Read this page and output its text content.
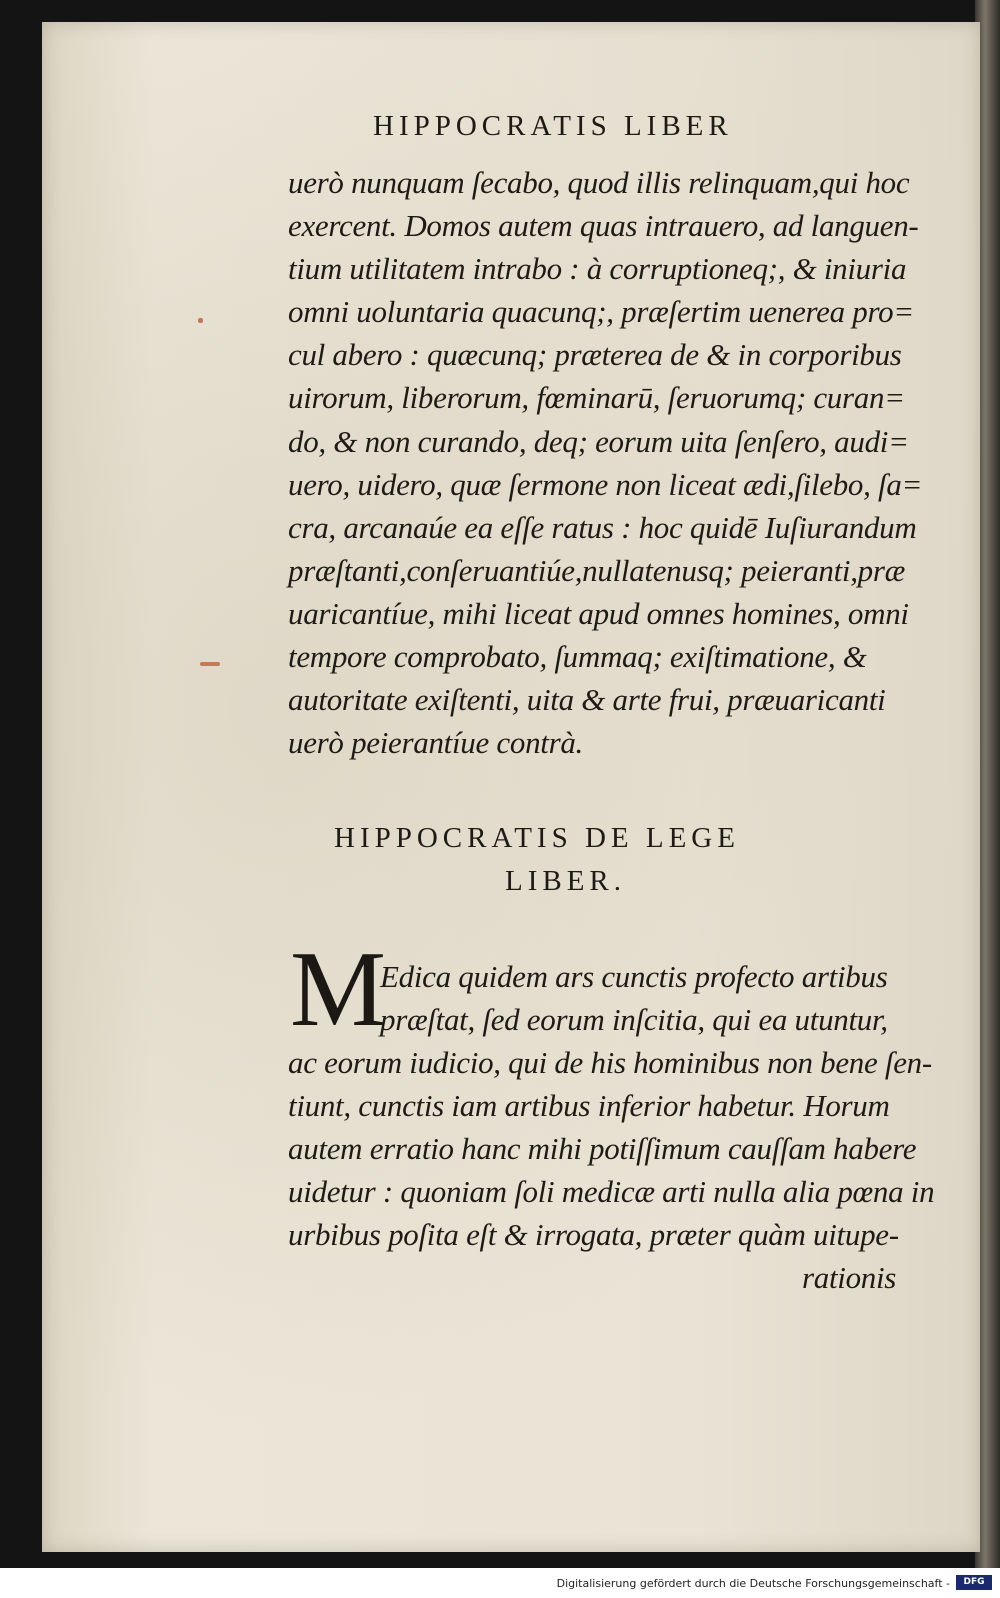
HIPPOCRATIS LIBER
uerò nunquam ſecabo, quod illis relinquam,qui hoc
exercent. Domos autem quas intrauero, ad languen-
tium utilitatem intrabo : à corruptioneq;, & iniuria
omni uoluntaria quacunq;, præſertim uenerea pro=
cul abero : quæcunq; præterea de & in corporibus
uirorum, liberorum, fœminarū, ſeruorumq; curan=
do, & non curando, deq; eorum uita ſenſero, audi=
uero, uidero, quæ ſermone non liceat ædi,ſilebo, ſa=
cra, arcanaúe ea eſſe ratus : hoc quidē Iuſiurandum
præſtanti,conſeruantiúe,nullatenusq; peieranti,præ
uaricantíue, mihi liceat apud omnes homines, omni
tempore comprobato, ſummaq; exiſtimatione, &
autoritate exiſtenti, uita & arte frui, præuaricanti
uerò peierantíue contrà.
HIPPOCRATIS DE LEGE
LIBER.
M
Edica quidem ars cunctis profecto artibus
præſtat, ſed eorum inſcitia, qui ea utuntur,
ac eorum iudicio, qui de his hominibus non bene ſen-
tiunt, cunctis iam artibus inferior habetur. Horum
autem erratio hanc mihi potiſſimum cauſſam habere
uidetur : quoniam ſoli medicæ arti nulla alia pœna in
urbibus poſita eſt & irrogata, præter quàm uitupe-
rationis
Digitalisierung gefördert durch die Deutsche Forschungsgemeinschaft -	DFG
